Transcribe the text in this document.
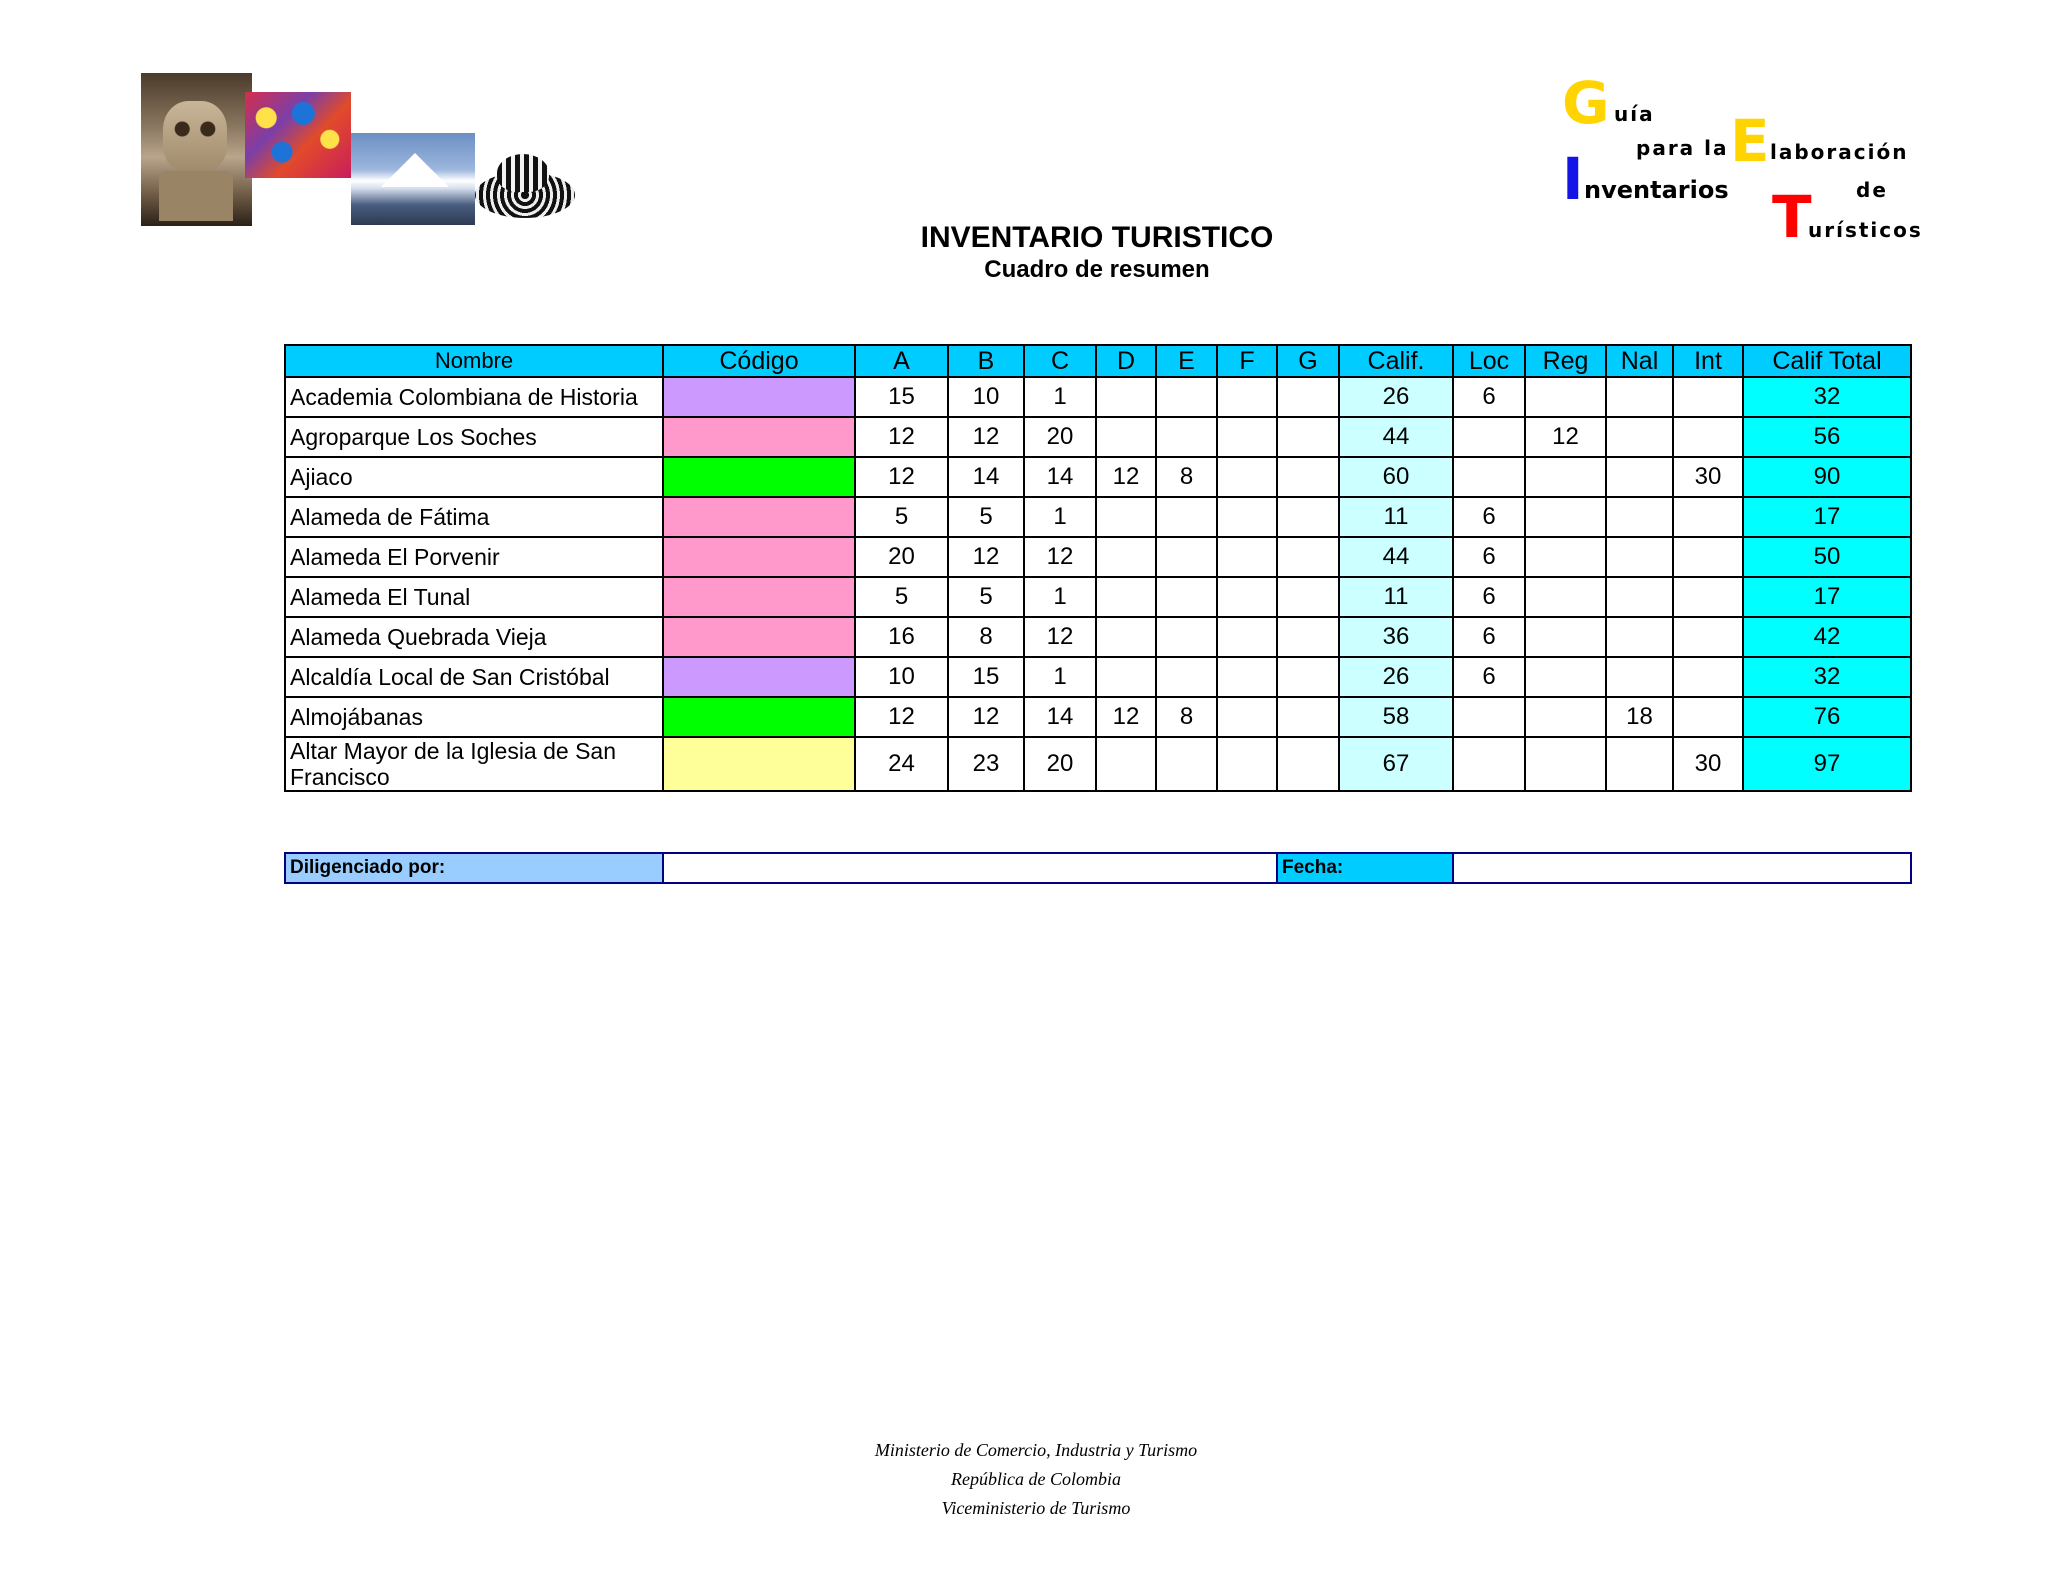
G uía
para la E laboración
I nventarios	de
T
urísticos
INVENTARIO TURISTICO
Cuadro de resumen
Nombre	Código	A	B	C	D	E	F	G	Calif.	Loc	Reg	Nal	Int	Calif Total
Academia Colombiana de Historia		15	10	1					26	6				32
Agroparque Los Soches		12	12	20					44		12			56
Ajiaco		12	14	14	12	8			60				30	90
Alameda de Fátima		5	5	1					11	6				17
Alameda El Porvenir		20	12	12					44	6				50
Alameda El Tunal		5	5	1					11	6				17
Alameda Quebrada Vieja		16	8	12					36	6				42
Alcaldía Local de San Cristóbal		10	15	1					26	6				32
Almojábanas		12	12	14	12	8			58			18		76
Altar Mayor de la Iglesia de San Francisco		24	23	20					67				30	97
Diligenciado por:		Fecha:	
Ministerio de Comercio, Industria y Turismo
República de Colombia
Viceministerio de Turismo
